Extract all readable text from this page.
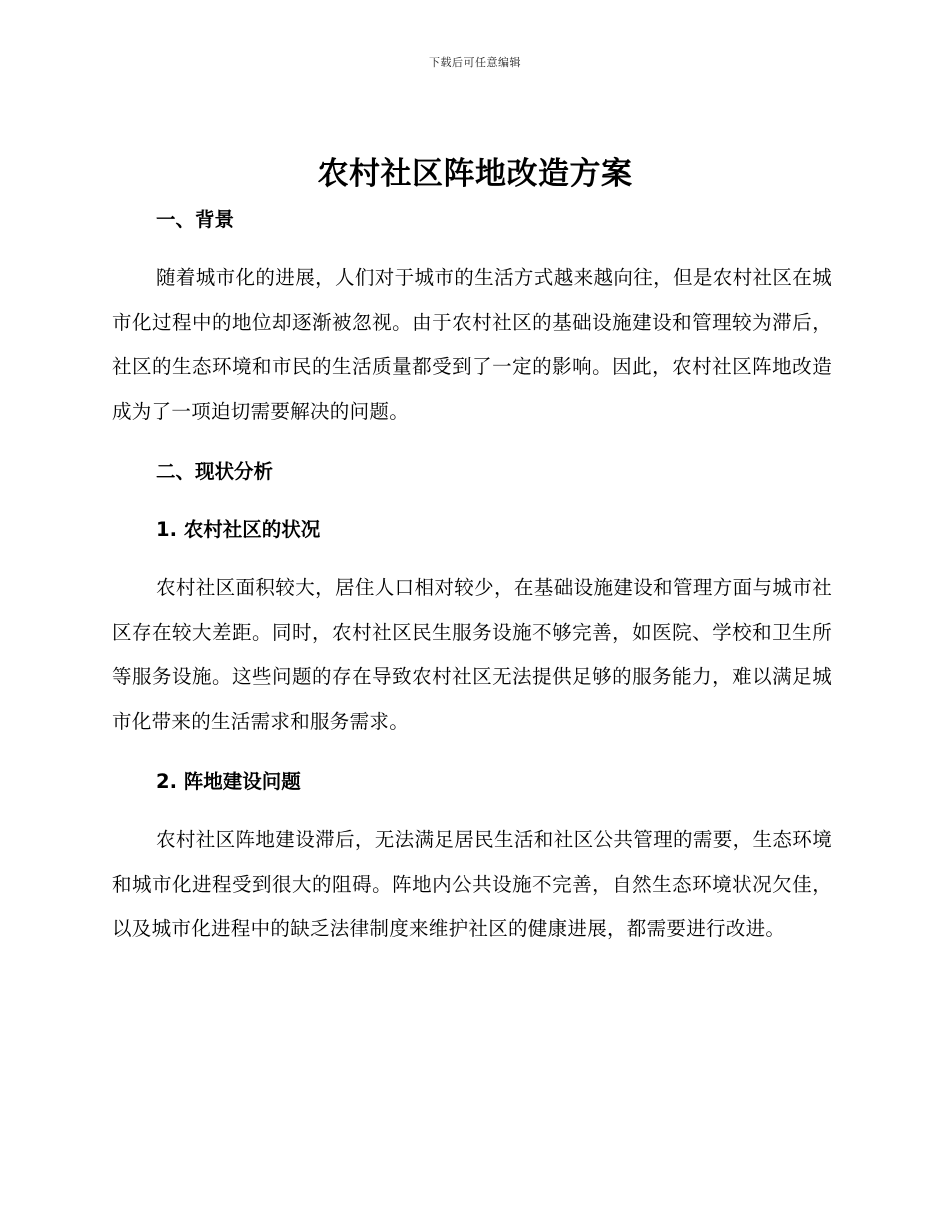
下载后可任意编辑
农村社区阵地改造方案
一、背景

随着城市化的进展，人们对于城市的生活方式越来越向往，但是农村社区在城市化过程中的地位却逐渐被忽视。由于农村社区的基础设施建设和管理较为滞后，社区的生态环境和市民的生活质量都受到了一定的影响。因此，农村社区阵地改造成为了一项迫切需要解决的问题。

二、现状分析
1. 农村社区的状况

农村社区面积较大，居住人口相对较少，在基础设施建设和管理方面与城市社区存在较大差距。同时，农村社区民生服务设施不够完善，如医院、学校和卫生所等服务设施。这些问题的存在导致农村社区无法提供足够的服务能力，难以满足城市化带来的生活需求和服务需求。

2. 阵地建设问题

农村社区阵地建设滞后，无法满足居民生活和社区公共管理的需要，生态环境和城市化进程受到很大的阻碍。阵地内公共设施不完善，自然生态环境状况欠佳，以及城市化进程中的缺乏法律制度来维护社区的健康进展，都需要进行改进。
